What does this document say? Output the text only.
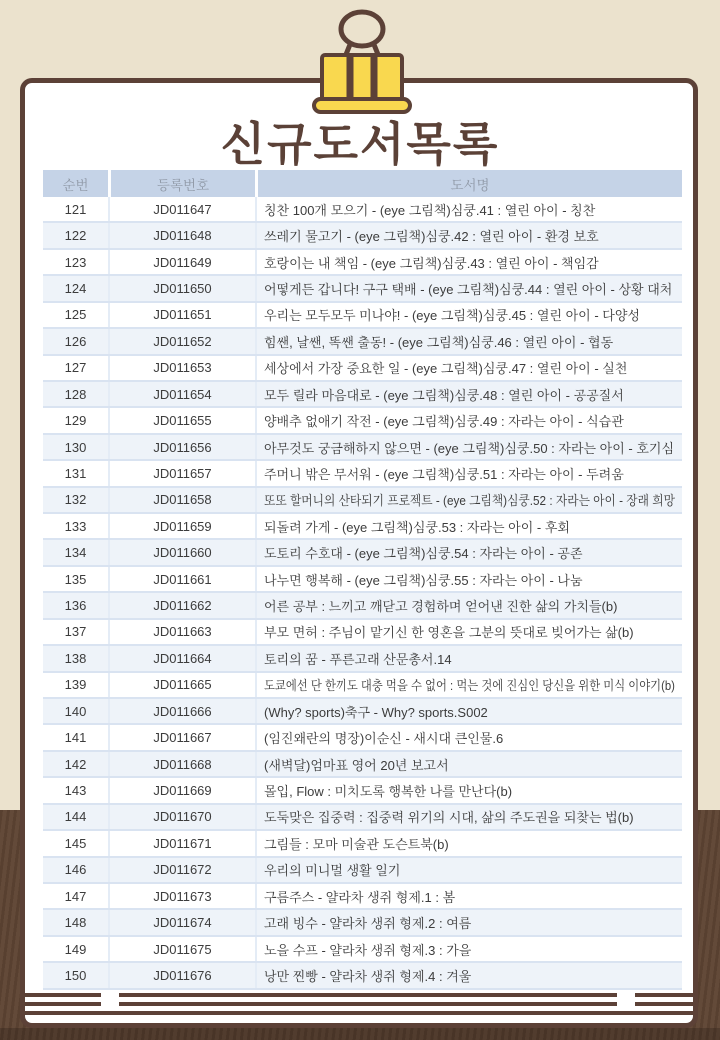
신규도서목록
순번	등록번호	도서명
121	JD011647	칭찬 100개 모으기 - (eye 그림책)심쿵.41 : 열린 아이 - 칭찬
122	JD011648	쓰레기 물고기 - (eye 그림책)심쿵.42 : 열린 아이 - 환경 보호
123	JD011649	호랑이는 내 책임 - (eye 그림책)심쿵.43 : 열린 아이 - 책임감
124	JD011650	어떻게든 갑니다! 구구 택배 - (eye 그림책)심쿵.44 : 열린 아이 - 상황 대처
125	JD011651	우리는 모두모두 미나야! - (eye 그림책)심쿵.45 : 열린 아이 - 다양성
126	JD011652	힘쌘, 날쌘, 똑쌘 출동! - (eye 그림책)심쿵.46 : 열린 아이 - 협동
127	JD011653	세상에서 가장 중요한 일 - (eye 그림책)심쿵.47 : 열린 아이 - 실천
128	JD011654	모두 릴라 마음대로 - (eye 그림책)심쿵.48 : 열린 아이 - 공공질서
129	JD011655	양배추 없애기 작전 - (eye 그림책)심쿵.49 : 자라는 아이 - 식습관
130	JD011656	아무것도 궁금해하지 않으면 - (eye 그림책)심쿵.50 : 자라는 아이 - 호기심
131	JD011657	주머니 밖은 무서워 - (eye 그림책)심쿵.51 : 자라는 아이 - 두려움
132	JD011658	또또 할머니의 산타되기 프로젝트 - (eye 그림책)심쿵.52 : 자라는 아이 - 장래 희망
133	JD011659	되돌려 가게 - (eye 그림책)심쿵.53 : 자라는 아이 - 후회
134	JD011660	도토리 수호대 - (eye 그림책)심쿵.54 : 자라는 아이 - 공존
135	JD011661	나누면 행복해 - (eye 그림책)심쿵.55 : 자라는 아이 - 나눔
136	JD011662	어른 공부 : 느끼고 깨닫고 경험하며 얻어낸 진한 삶의 가치들(b)
137	JD011663	부모 면허 : 주님이 맡기신 한 영혼을 그분의 뜻대로 빚어가는 삶(b)
138	JD011664	토리의 꿈 - 푸른고래 산문총서.14
139	JD011665	도쿄에선 단 한끼도 대충 먹을 수 없어 : 먹는 것에 진심인 당신을 위한 미식 이야기(b)
140	JD011666	(Why? sports)축구 - Why? sports.S002
141	JD011667	(임진왜란의 명장)이순신 - 새시대 큰인물.6
142	JD011668	(새벽달)엄마표 영어 20년 보고서
143	JD011669	몰입, Flow : 미치도록 행복한 나를 만난다(b)
144	JD011670	도둑맞은 집중력 : 집중력 위기의 시대, 삶의 주도권을 되찾는 법(b)
145	JD011671	그림들 : 모마 미술관 도슨트북(b)
146	JD011672	우리의 미니멀 생활 일기
147	JD011673	구름주스 - 얄라차 생쥐 형제.1 : 봄
148	JD011674	고래 빙수 - 얄라차 생쥐 형제.2 : 여름
149	JD011675	노을 수프 - 얄라차 생쥐 형제.3 : 가을
150	JD011676	낭만 찐빵 - 얄라차 생쥐 형제.4 : 겨울
